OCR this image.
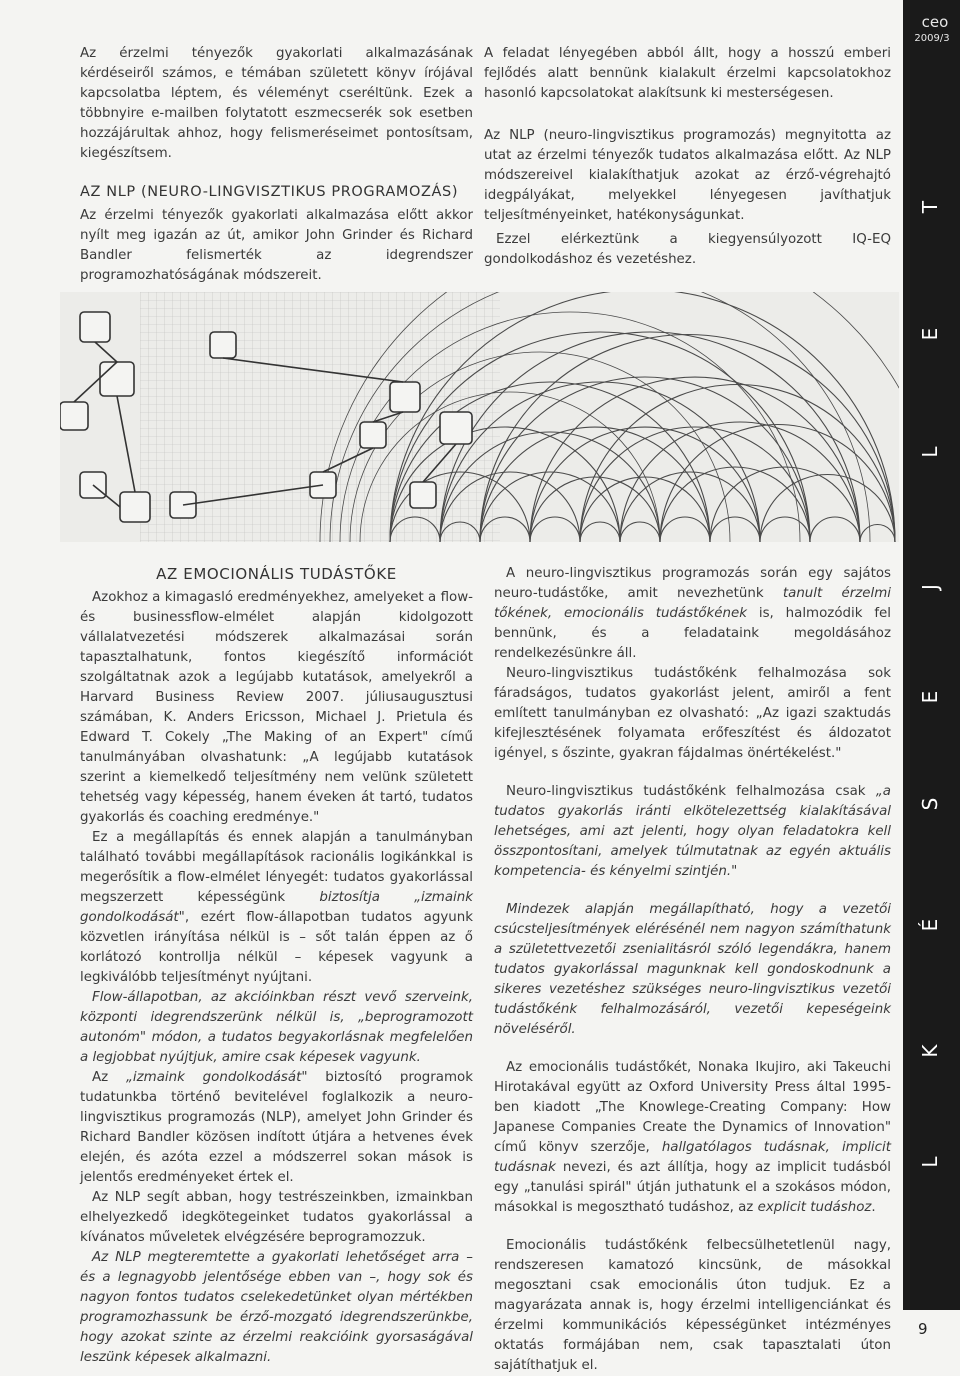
ceo
2009/3
9

Az érzelmi tényezők gyakorlati alkalmazásának kérdéseiről számos, e témában született könyv írójával kapcsolatba léptem, és véleményt cseréltünk. Ezek a többnyire e-mailben folytatott eszmecserék sok esetben hozzájárultak ahhoz, hogy felismeréseimet pontosítsam, kiegészítsem.

AZ NLP (NEURO-LINGVISZTIKUS PROGRAMOZÁS)

Az érzelmi tényezők gyakorlati alkalmazása előtt akkor nyílt meg igazán az út, amikor John Grinder és Richard Bandler felismerték az idegrendszer programozhatóságának módszereit.

A feladat lényegében abból állt, hogy a hosszú emberi fejlődés alatt bennünk kialakult érzelmi kapcsolatokhoz hasonló kapcsolatokat alakítsunk ki mesterségesen.

Az NLP (neuro-lingvisztikus programozás) megnyitotta az utat az érzelmi tényezők tudatos alkalmazása előtt. Az NLP módszereivel kialakíthatjuk azokat az érző-végrehajtó idegpályákat, melyekkel lényegesen javíthatjuk teljesítményeinket, hatékonyságunkat.

Ezzel elérkeztünk a kiegyensúlyozott IQ-EQ gondolkodáshoz és vezetéshez.

AZ EMOCIONÁLIS TUDÁSTŐKE

Azokhoz a kimagasló eredményekhez, amelyeket a flow- és businessflow-elmélet alapján kidolgozott vállalatvezetési módszerek alkalmazásai során tapasztalhatunk, fontos kiegészítő információt szolgáltatnak azok a legújabb kutatások, amelyekről a Harvard Business Review 2007. júliusaugusztusi számában, K. Anders Ericsson, Michael J. Prietula és Edward T. Cokely „The Making of an Expert" című tanulmányában olvashatunk: „A legújabb kutatások szerint a kiemelkedő teljesítmény nem velünk született tehetség vagy képesség, hanem éveken át tartó, tudatos gyakorlás és coaching eredménye."

Ez a megállapítás és ennek alapján a tanulmányban található további megállapítások racionális logikánkkal is megerősítik a flow-elmélet lényegét: tudatos gyakorlással megszerzett képességünk biztosítja „izmaink gondolkodását", ezért flow-állapotban tudatos agyunk közvetlen irányítása nélkül is – sőt talán éppen az ő korlátozó kontrollja nélkül – képesek vagyunk a legkiválóbb teljesítményt nyújtani.

Flow-állapotban, az akcióinkban részt vevő szerveink, központi idegrendszerünk nélkül is, „beprogramozott autonóm" módon, a tudatos begyakorlásnak megfelelően a legjobbat nyújtjuk, amire csak képesek vagyunk.

Az „izmaink gondolkodását" biztosító programok tudatunkba történő bevitelével foglalkozik a neuro-lingvisztikus programozás (NLP), amelyet John Grinder és Richard Bandler közösen indított útjára a hetvenes évek elején, és azóta ezzel a módszerrel sokan mások is jelentős eredményeket értek el.

Az NLP segít abban, hogy testrészeinkben, izmainkban elhelyezkedő idegkötegeinket tudatos gyakorlással a kívánatos műveletek elvégzésére beprogramozzuk.

Az NLP megteremtette a gyakorlati lehetőséget arra – és a legnagyobb jelentősége ebben van –, hogy sok és nagyon fontos tudatos cselekedetünket olyan mértékben programozhassunk be érző-mozgató idegrendszerünkbe, hogy azokat szinte az érzelmi reakcióink gyorsaságával leszünk képesek alkalmazni.

A neuro-lingvisztikus programozás során egy sajátos neuro-tudástőke, amit nevezhetünk tanult érzelmi tőkének, emocionális tudástőkének is, halmozódik fel bennünk, és a feladataink megoldásához rendelkezésünkre áll.

Neuro-lingvisztikus tudástőkénk felhalmozása sok fáradságos, tudatos gyakorlást jelent, amiről a fent említett tanulmányban ez olvasható: „Az igazi szaktudás kifejlesztésének folyamata erőfeszítést és áldozatot igényel, s őszinte, gyakran fájdalmas önértékelést."

Neuro-lingvisztikus tudástőkénk felhalmozása csak „a tudatos gyakorlás iránti elkötelezettség kialakításával lehetséges, ami azt jelenti, hogy olyan feladatokra kell összpontosítani, amelyek túlmutatnak az egyén aktuális kompetencia- és kényelmi szintjén."

Mindezek alapján megállapítható, hogy a vezetői csúcsteljesítmények elérésénél nem nagyon számíthatunk a születettvezetői zsenialitásról szóló legendákra, hanem tudatos gyakorlással magunknak kell gondoskodnunk a sikeres vezetéshez szükséges neuro-lingvisztikus vezetői tudástőkénk felhalmozásáról, vezetői kepeségeink növeléséről.

Az emocionális tudástőkét, Nonaka Ikujiro, aki Takeuchi Hirotakával együtt az Oxford University Press által 1995-ben kiadott „The Knowlege-Creating Company: How Japanese Companies Create the Dynamics of Innovation" című könyv szerzője, hallgatólagos tudásnak, implicit tudásnak nevezi, és azt állítja, hogy az implicit tudásból egy „tanulási spirál" útján juthatunk el a szokásos módon, másokkal is megosztható tudáshoz, az explicit tudáshoz.

Emocionális tudástőkénk felbecsülhetetlenül nagy, rendszeresen kamatozó kincsünk, de másokkal megosztani csak emocionális úton tudjuk. Ez a magyarázata annak is, hogy érzelmi intelligenciánkat és érzelmi kommunikációs képességünket intézményes oktatás formájában nem, csak tapasztalati úton sajátíthatjuk el.

T
E
L
J
E
S
É
K
L
